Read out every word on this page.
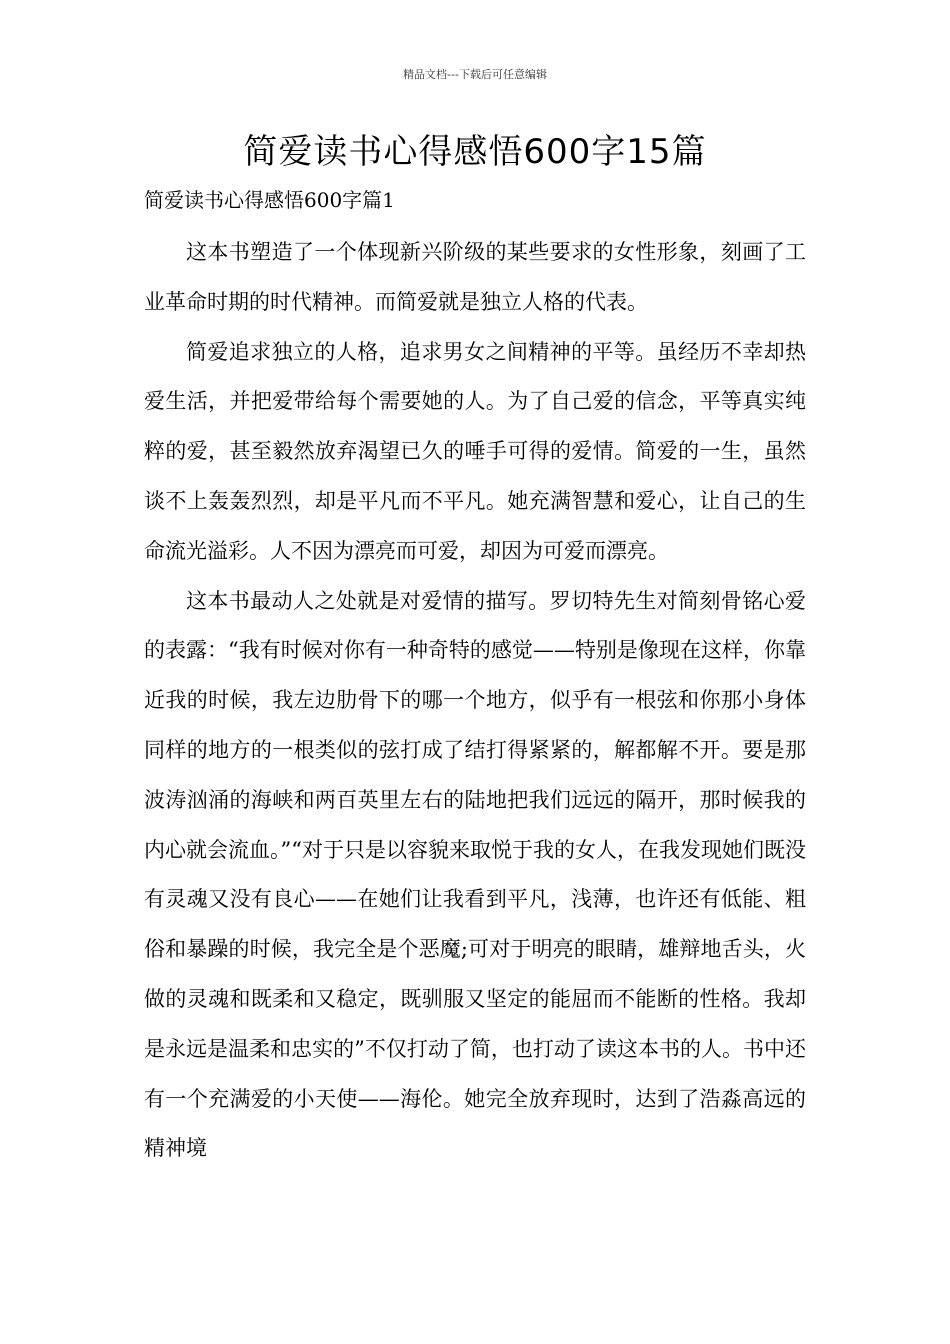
精品文档---下载后可任意编辑
简爱读书心得感悟600字15篇
简爱读书心得感悟600字篇1

这本书塑造了一个体现新兴阶级的某些要求的女性形象，刻画了工业革命时期的时代精神。而简爱就是独立人格的代表。

简爱追求独立的人格，追求男女之间精神的平等。虽经历不幸却热爱生活，并把爱带给每个需要她的人。为了自己爱的信念，平等真实纯粹的爱，甚至毅然放弃渴望已久的唾手可得的爱情。简爱的一生，虽然谈不上轰轰烈烈，却是平凡而不平凡。她充满智慧和爱心，让自己的生命流光溢彩。人不因为漂亮而可爱，却因为可爱而漂亮。

这本书最动人之处就是对爱情的描写。罗切特先生对简刻骨铭心爱的表露：“我有时候对你有一种奇特的感觉——特别是像现在这样，你靠近我的时候，我左边肋骨下的哪一个地方，似乎有一根弦和你那小身体同样的地方的一根类似的弦打成了结打得紧紧的，解都解不开。要是那波涛汹涌的海峡和两百英里左右的陆地把我们远远的隔开，那时候我的内心就会流血。”“对于只是以容貌来取悦于我的女人，在我发现她们既没有灵魂又没有良心——在她们让我看到平凡，浅薄，也许还有低能、粗俗和暴躁的时候，我完全是个恶魔;可对于明亮的眼睛，雄辩地舌头，火做的灵魂和既柔和又稳定，既驯服又坚定的能屈而不能断的性格。我却是永远是温柔和忠实的”不仅打动了简，也打动了读这本书的人。书中还有一个充满爱的小天使——海伦。她完全放弃现时，达到了浩淼高远的精神境
